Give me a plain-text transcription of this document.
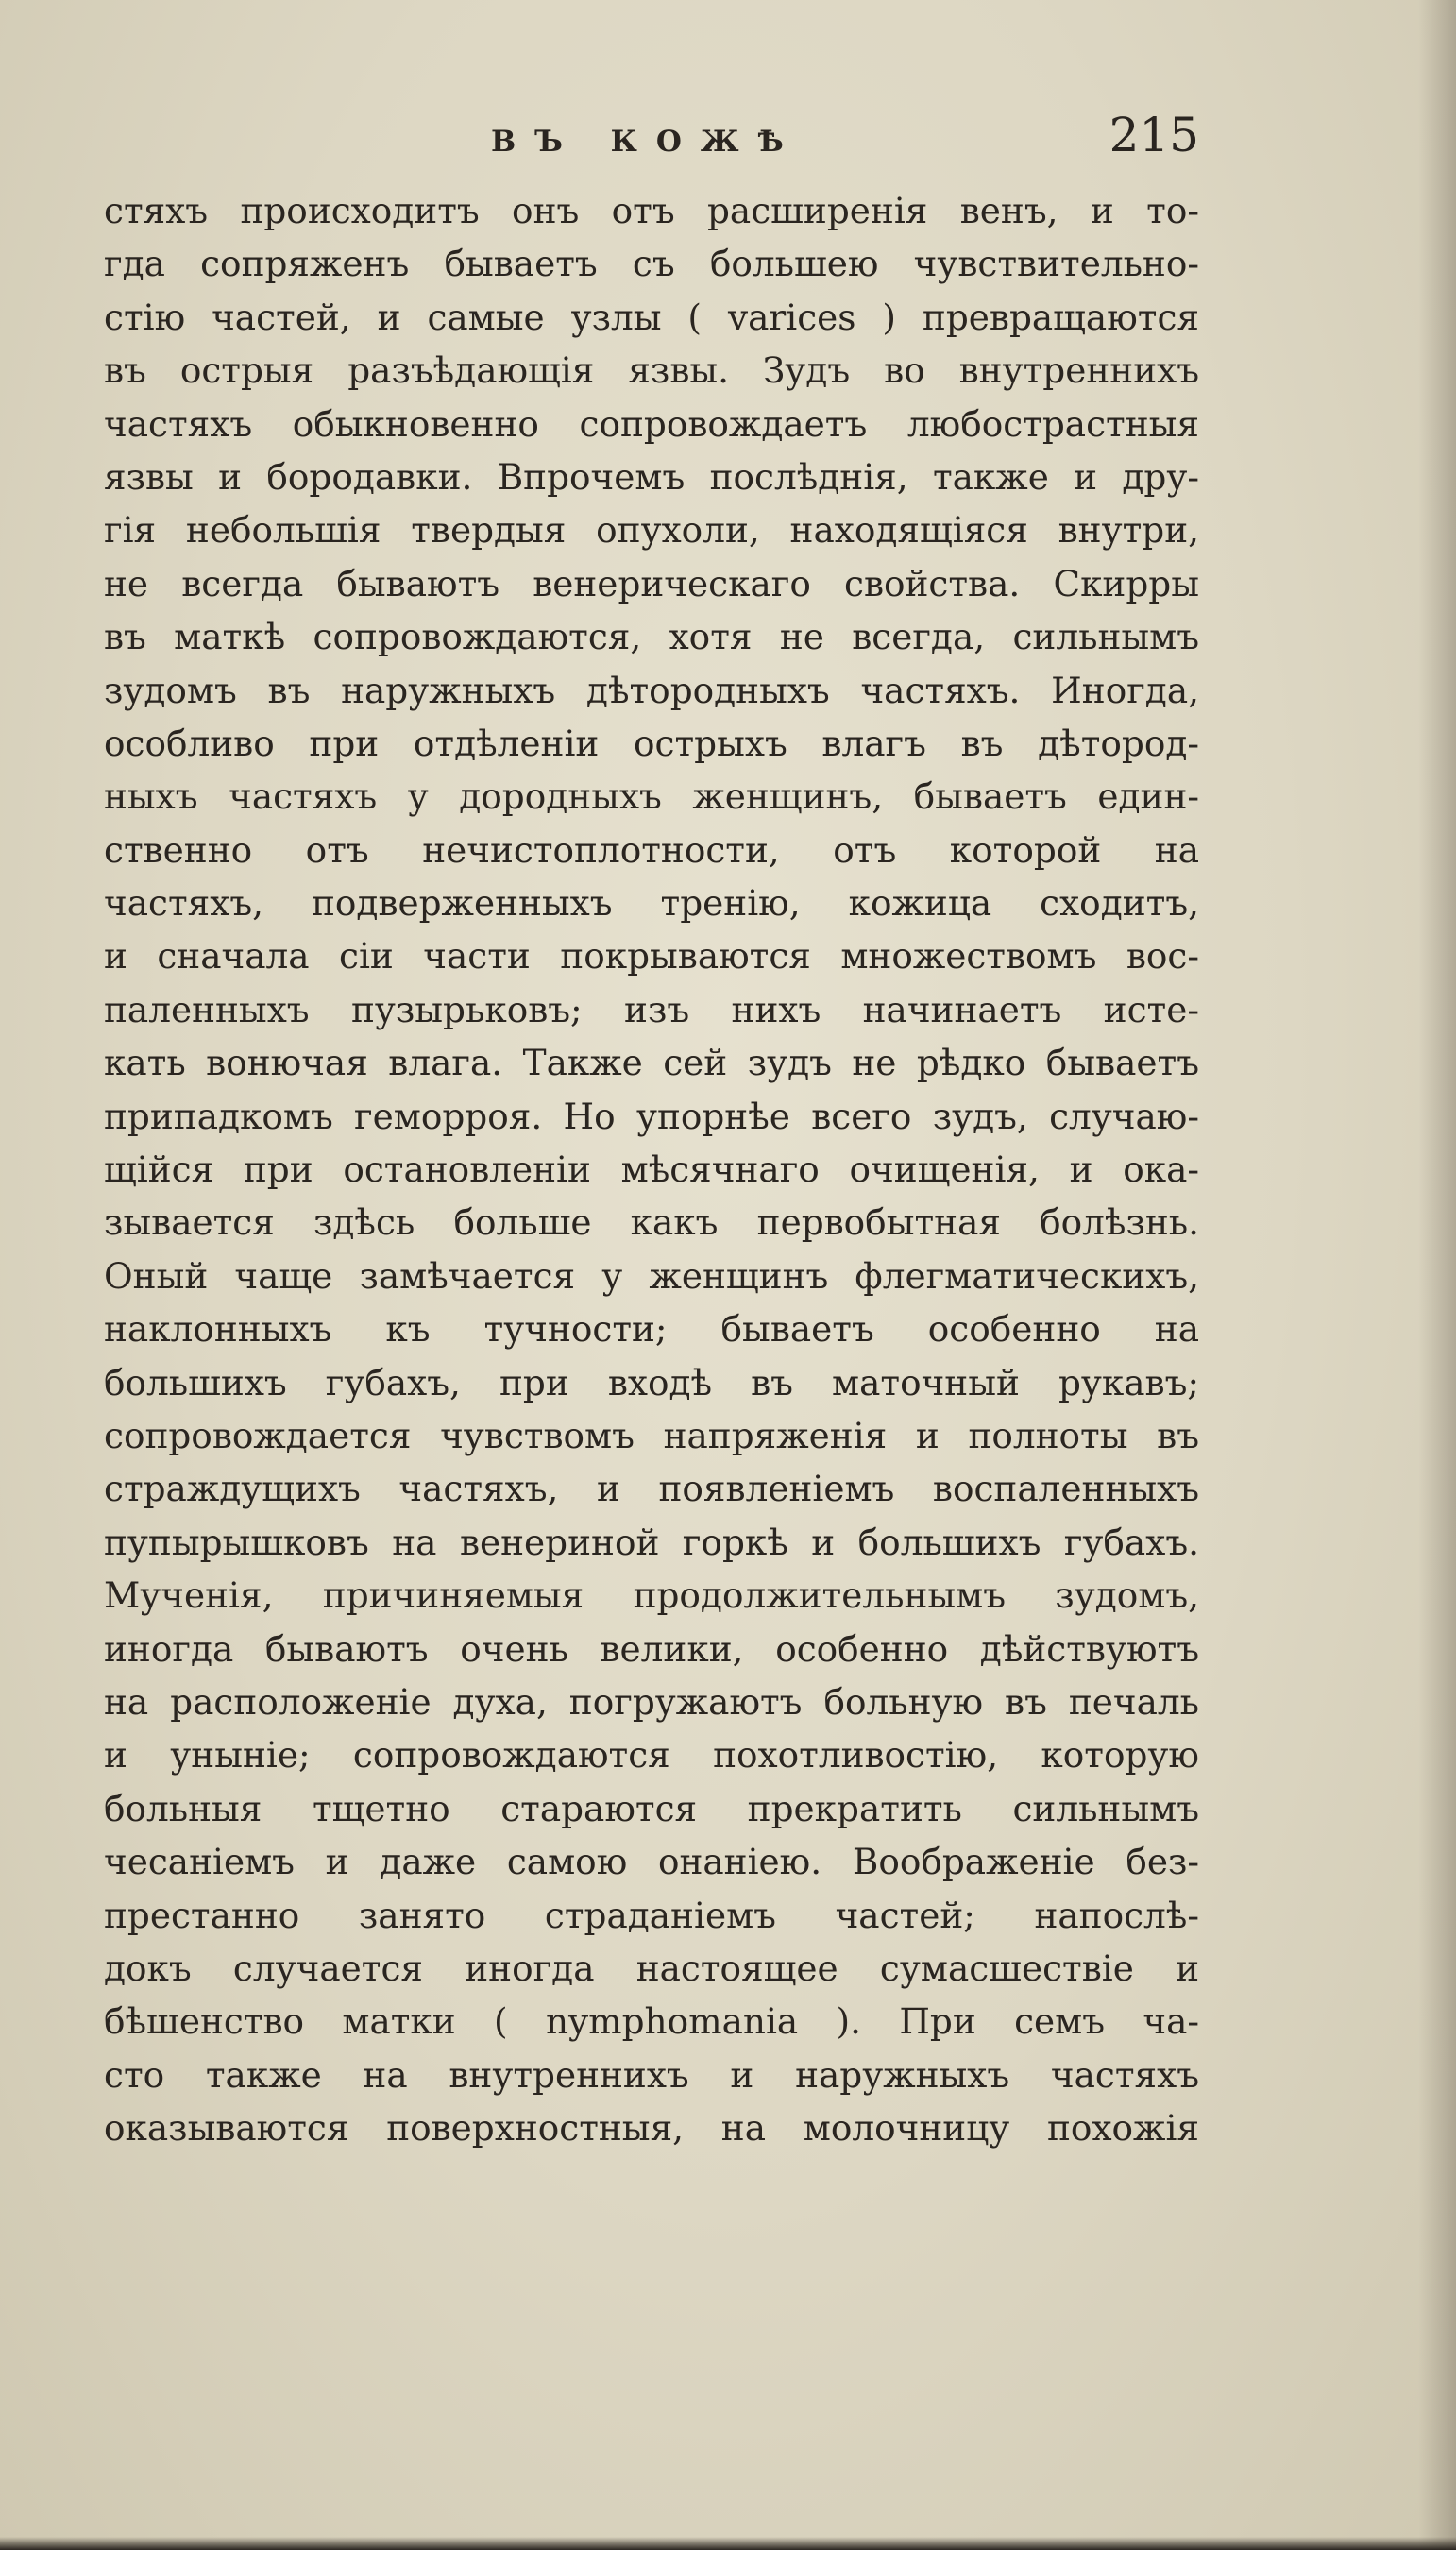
ВЪ КОЖѢ	215
стяхъ происходитъ онъ отъ расширенія венъ, и то-
гда сопряженъ бываетъ съ большею чувствительно-
стію частей, и самые узлы ( varices ) превращаются
въ острыя разъѣдающія язвы. Зудъ во внутреннихъ
частяхъ обыкновенно сопровождаетъ любострастныя
язвы и бородавки. Впрочемъ послѣднія, также и дру-
гія небольшія твердыя опухоли, находящіяся внутри,
не всегда бываютъ венерическаго свойства. Скирры
въ маткѣ сопровождаются, хотя не всегда, сильнымъ
зудомъ въ наружныхъ дѣтородныхъ частяхъ. Иногда,
особливо при отдѣленіи острыхъ влагъ въ дѣтород-
ныхъ частяхъ у дородныхъ женщинъ, бываетъ един-
ственно отъ нечистоплотности, отъ которой на
частяхъ, подверженныхъ тренію, кожица сходитъ,
и сначала сіи части покрываются множествомъ вос-
паленныхъ пузырьковъ; изъ нихъ начинаетъ исте-
кать вонючая влага. Также сей зудъ не рѣдко бываетъ
припадкомъ геморроя. Но упорнѣе всего зудъ, случаю-
щійся при остановленіи мѣсячнаго очищенія, и ока-
зывается здѣсь больше какъ первобытная болѣзнь.
Оный чаще замѣчается у женщинъ флегматическихъ,
наклонныхъ къ тучности; бываетъ особенно на
большихъ губахъ, при входѣ въ маточный рукавъ;
сопровождается чувствомъ напряженія и полноты въ
страждущихъ частяхъ, и появленіемъ воспаленныхъ
пупырышковъ на венериной горкѣ и большихъ губахъ.
Мученія, причиняемыя продолжительнымъ зудомъ,
иногда бываютъ очень велики, особенно дѣйствуютъ
на расположеніе духа, погружаютъ больную въ печаль
и уныніе; сопровождаются похотливостію, которую
больныя тщетно стараются прекратить сильнымъ
чесаніемъ и даже самою онаніею. Воображеніе без-
престанно занято страданіемъ частей; напослѣ-
докъ случается иногда настоящее сумасшествіе и
бѣшенство матки ( nymphomania ). При семъ ча-
сто также на внутреннихъ и наружныхъ частяхъ
оказываются поверхностныя, на молочницу похожія
